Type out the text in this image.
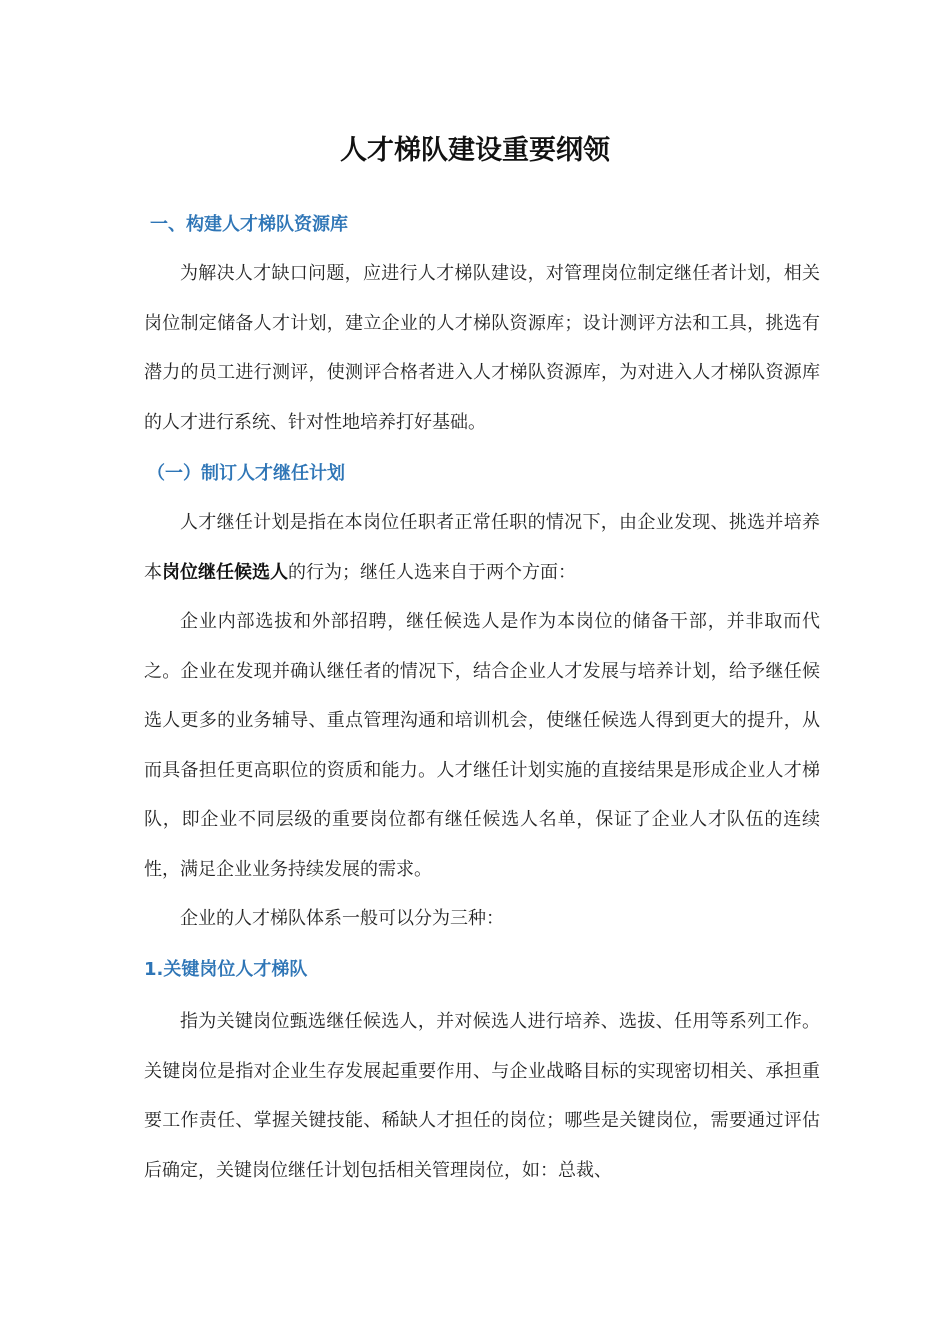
人才梯队建设重要纲领
一、构建人才梯队资源库

为解决人才缺口问题，应进行人才梯队建设，对管理岗位制定继任者计划，相关岗位制定储备人才计划，建立企业的人才梯队资源库；设计测评方法和工具，挑选有潜力的员工进行测评，使测评合格者进入人才梯队资源库，为对进入人才梯队资源库的人才进行系统、针对性地培养打好基础。

（一）制订人才继任计划

人才继任计划是指在本岗位任职者正常任职的情况下，由企业发现、挑选并培养本岗位继任候选人的行为；继任人选来自于两个方面：

企业内部选拔和外部招聘，继任候选人是作为本岗位的储备干部，并非取而代之。企业在发现并确认继任者的情况下，结合企业人才发展与培养计划，给予继任候选人更多的业务辅导、重点管理沟通和培训机会，使继任候选人得到更大的提升，从而具备担任更高职位的资质和能力。人才继任计划实施的直接结果是形成企业人才梯队，即企业不同层级的重要岗位都有继任候选人名单，保证了企业人才队伍的连续性，满足企业业务持续发展的需求。

企业的人才梯队体系一般可以分为三种：

1.关键岗位人才梯队

指为关键岗位甄选继任候选人，并对候选人进行培养、选拔、任用等系列工作。关键岗位是指对企业生存发展起重要作用、与企业战略目标的实现密切相关、承担重要工作责任、掌握关键技能、稀缺人才担任的岗位；哪些是关键岗位，需要通过评估后确定，关键岗位继任计划包括相关管理岗位，如：总裁、
